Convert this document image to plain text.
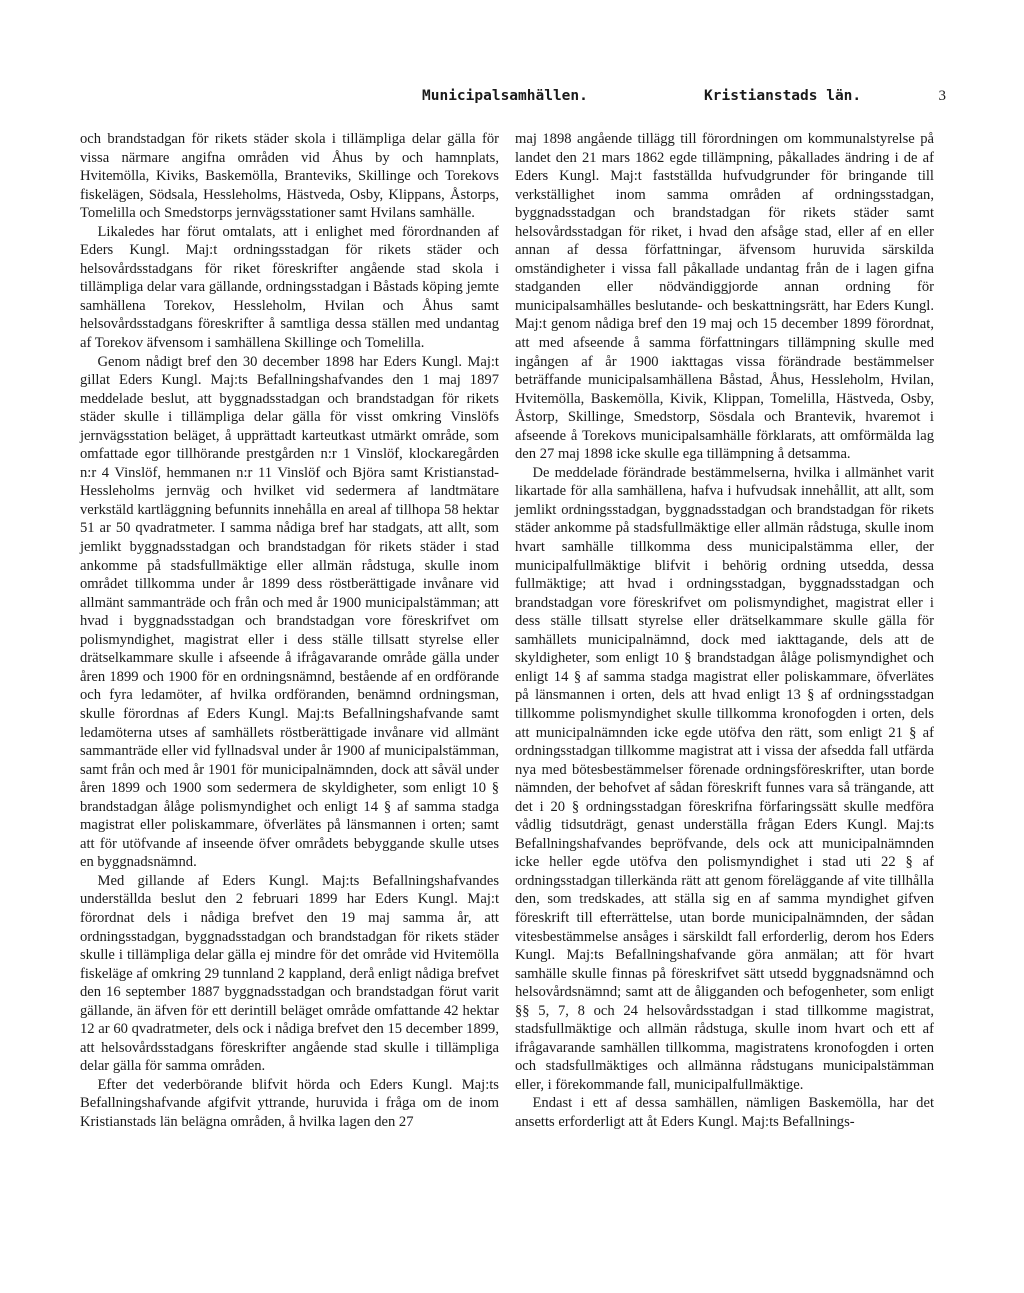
Municipalsamhällen.	Kristianstads län.	3

och brandstadgan för rikets städer skola i tillämpliga delar gälla för vissa närmare angifna områden vid Åhus by och hamnplats, Hvitemölla, Kiviks, Baskemölla, Branteviks, Skillinge och Torekovs fiskelägen, Södsala, Hessleholms, Hästveda, Osby, Klippans, Åstorps, Tomelilla och Smedstorps jernvägsstationer samt Hvilans samhälle.

Likaledes har förut omtalats, att i enlighet med förordnanden af Eders Kungl. Maj:t ordningsstadgan för rikets städer och helsovårdsstadgans för riket föreskrifter angående stad skola i tillämpliga delar vara gällande, ordningsstadgan i Båstads köping jemte samhällena Torekov, Hessleholm, Hvilan och Åhus samt helsovårdsstadgans föreskrifter å samtliga dessa ställen med undantag af Torekov äfvensom i samhällena Skillinge och Tomelilla.

Genom nådigt bref den 30 december 1898 har Eders Kungl. Maj:t gillat Eders Kungl. Maj:ts Befallningshafvandes den 1 maj 1897 meddelade beslut, att byggnadsstadgan och brandstadgan för rikets städer skulle i tillämpliga delar gälla för visst omkring Vinslöfs jernvägsstation beläget, å upprättadt karteutkast utmärkt område, som omfattade egor tillhörande prestgården n:r 1 Vinslöf, klockaregården n:r 4 Vinslöf, hemmanen n:r 11 Vinslöf och Björa samt Kristianstad-Hessleholms jernväg och hvilket vid sedermera af landtmätare verkstäld kartläggning befunnits innehålla en areal af tillhopa 58 hektar 51 ar 50 qvadratmeter. I samma nådiga bref har stadgats, att allt, som jemlikt byggnadsstadgan och brandstadgan för rikets städer i stad ankomme på stadsfullmäktige eller allmän rådstuga, skulle inom området tillkomma under år 1899 dess röstberättigade invånare vid allmänt sammanträde och från och med år 1900 municipalstämman; att hvad i byggnadsstadgan och brandstadgan vore föreskrifvet om polismyndighet, magistrat eller i dess ställe tillsatt styrelse eller drätselkammare skulle i afseende å ifrågavarande område gälla under åren 1899 och 1900 för en ordningsnämnd, bestående af en ordförande och fyra ledamöter, af hvilka ordföranden, benämnd ordningsman, skulle förordnas af Eders Kungl. Maj:ts Befallningshafvande samt ledamöterna utses af samhällets röstberättigade invånare vid allmänt sammanträde eller vid fyllnadsval under år 1900 af municipalstämman, samt från och med år 1901 för municipalnämnden, dock att såväl under åren 1899 och 1900 som sedermera de skyldigheter, som enligt 10 § brandstadgan ålåge polismyndighet och enligt 14 § af samma stadga magistrat eller poliskammare, öfverlätes på länsmannen i orten; samt att för utöfvande af inseende öfver områdets bebyggande skulle utses en byggnadsnämnd.

Med gillande af Eders Kungl. Maj:ts Befallningshafvandes underställda beslut den 2 februari 1899 har Eders Kungl. Maj:t förordnat dels i nådiga brefvet den 19 maj samma år, att ordningsstadgan, byggnadsstadgan och brandstadgan för rikets städer skulle i tillämpliga delar gälla ej mindre för det område vid Hvitemölla fiskeläge af omkring 29 tunnland 2 kappland, derå enligt nådiga brefvet den 16 september 1887 byggnadsstadgan och brandstadgan förut varit gällande, än äfven för ett derintill beläget område omfattande 42 hektar 12 ar 60 qvadratmeter, dels ock i nådiga brefvet den 15 december 1899, att helsovårdsstadgans föreskrifter angående stad skulle i tillämpliga delar gälla för samma områden.

Efter det vederbörande blifvit hörda och Eders Kungl. Maj:ts Befallningshafvande afgifvit yttrande, huruvida i fråga om de inom Kristianstads län belägna områden, å hvilka lagen den 27

maj 1898 angående tillägg till förordningen om kommunalstyrelse på landet den 21 mars 1862 egde tillämpning, påkallades ändring i de af Eders Kungl. Maj:t fastställda hufvudgrunder för bringande till verkställighet inom samma områden af ordningsstadgan, byggnadsstadgan och brandstadgan för rikets städer samt helsovårdsstadgan för riket, i hvad den afsåge stad, eller af en eller annan af dessa författningar, äfvensom huruvida särskilda omständigheter i vissa fall påkallade undantag från de i lagen gifna stadganden eller nödvändiggjorde annan ordning för municipalsamhälles beslutande- och beskattningsrätt, har Eders Kungl. Maj:t genom nådiga bref den 19 maj och 15 december 1899 förordnat, att med afseende å samma författningars tillämpning skulle med ingången af år 1900 iakttagas vissa förändrade bestämmelser beträffande municipalsamhällena Båstad, Åhus, Hessleholm, Hvilan, Hvitemölla, Baskemölla, Kivik, Klippan, Tomelilla, Hästveda, Osby, Åstorp, Skillinge, Smedstorp, Sösdala och Brantevik, hvaremot i afseende å Torekovs municipalsamhälle förklarats, att omförmälda lag den 27 maj 1898 icke skulle ega tillämpning å detsamma.

De meddelade förändrade bestämmelserna, hvilka i allmänhet varit likartade för alla samhällena, hafva i hufvudsak innehållit, att allt, som jemlikt ordningsstadgan, byggnadsstadgan och brandstadgan för rikets städer ankomme på stadsfullmäktige eller allmän rådstuga, skulle inom hvart samhälle tillkomma dess municipalstämma eller, der municipalfullmäktige blifvit i behörig ordning utsedda, dessa fullmäktige; att hvad i ordningsstadgan, byggnadsstadgan och brandstadgan vore föreskrifvet om polismyndighet, magistrat eller i dess ställe tillsatt styrelse eller drätselkammare skulle gälla för samhällets municipalnämnd, dock med iakttagande, dels att de skyldigheter, som enligt 10 § brandstadgan ålåge polismyndighet och enligt 14 § af samma stadga magistrat eller poliskammare, öfverlätes på länsmannen i orten, dels att hvad enligt 13 § af ordningsstadgan tillkomme polismyndighet skulle tillkomma kronofogden i orten, dels att municipalnämnden icke egde utöfva den rätt, som enligt 21 § af ordningsstadgan tillkomme magistrat att i vissa der afsedda fall utfärda nya med bötesbestämmelser förenade ordningsföreskrifter, utan borde nämnden, der behofvet af sådan föreskrift funnes vara så trängande, att det i 20 § ordningsstadgan föreskrifna förfaringssätt skulle medföra vådlig tidsutdrägt, genast underställa frågan Eders Kungl. Maj:ts Befallningshafvandes bepröfvande, dels ock att municipalnämnden icke heller egde utöfva den polismyndighet i stad uti 22 § af ordningsstadgan tillerkända rätt att genom föreläggande af vite tillhålla den, som tredskades, att ställa sig en af samma myndighet gifven föreskrift till efterrättelse, utan borde municipalnämnden, der sådan vitesbestämmelse ansåges i särskildt fall erforderlig, derom hos Eders Kungl. Maj:ts Befallningshafvande göra anmälan; att för hvart samhälle skulle finnas på föreskrifvet sätt utsedd byggnadsnämnd och helsovårdsnämnd; samt att de åligganden och befogenheter, som enligt §§ 5, 7, 8 och 24 helsovårdsstadgan i stad tillkomme magistrat, stadsfullmäktige och allmän rådstuga, skulle inom hvart och ett af ifrågavarande samhällen tillkomma, magistratens kronofogden i orten och stadsfullmäktiges och allmänna rådstugans municipalstämman eller, i förekommande fall, municipalfullmäktige.

Endast i ett af dessa samhällen, nämligen Baskemölla, har det ansetts erforderligt att åt Eders Kungl. Maj:ts Befallnings-
